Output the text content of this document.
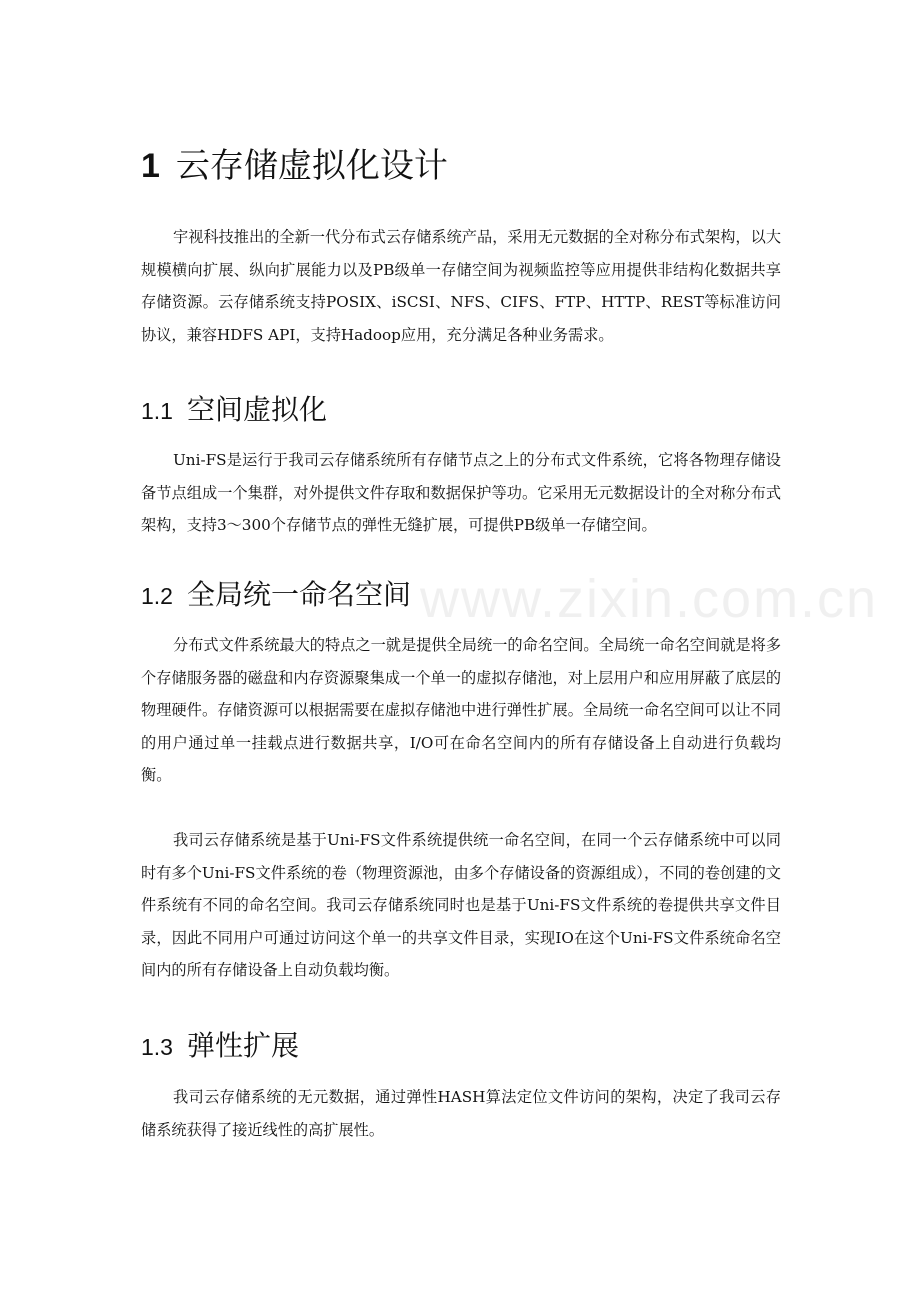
www.zixin.com.cn
1 云存储虚拟化设计

宇视科技推出的全新一代分布式云存储系统产品，采用无元数据的全对称分布式架构，以大规模横向扩展、纵向扩展能力以及PB级单一存储空间为视频监控等应用提供非结构化数据共享存储资源。云存储系统支持POSIX、iSCSI、NFS、CIFS、FTP、HTTP、REST等标准访问协议，兼容HDFS API，支持Hadoop应用，充分满足各种业务需求。

1.1 空间虚拟化

Uni-FS是运行于我司云存储系统所有存储节点之上的分布式文件系统，它将各物理存储设备节点组成一个集群，对外提供文件存取和数据保护等功。它采用无元数据设计的全对称分布式架构，支持3～300个存储节点的弹性无缝扩展，可提供PB级单一存储空间。

1.2 全局统一命名空间

分布式文件系统最大的特点之一就是提供全局统一的命名空间。全局统一命名空间就是将多个存储服务器的磁盘和内存资源聚集成一个单一的虚拟存储池，对上层用户和应用屏蔽了底层的物理硬件。存储资源可以根据需要在虚拟存储池中进行弹性扩展。全局统一命名空间可以让不同的用户通过单一挂载点进行数据共享，I/O可在命名空间内的所有存储设备上自动进行负载均衡。

我司云存储系统是基于Uni-FS文件系统提供统一命名空间，在同一个云存储系统中可以同时有多个Uni-FS文件系统的卷（物理资源池，由多个存储设备的资源组成），不同的卷创建的文件系统有不同的命名空间。我司云存储系统同时也是基于Uni-FS文件系统的卷提供共享文件目录，因此不同用户可通过访问这个单一的共享文件目录，实现IO在这个Uni-FS文件系统命名空间内的所有存储设备上自动负载均衡。

1.3 弹性扩展

我司云存储系统的无元数据，通过弹性HASH算法定位文件访问的架构，决定了我司云存储系统获得了接近线性的高扩展性。
